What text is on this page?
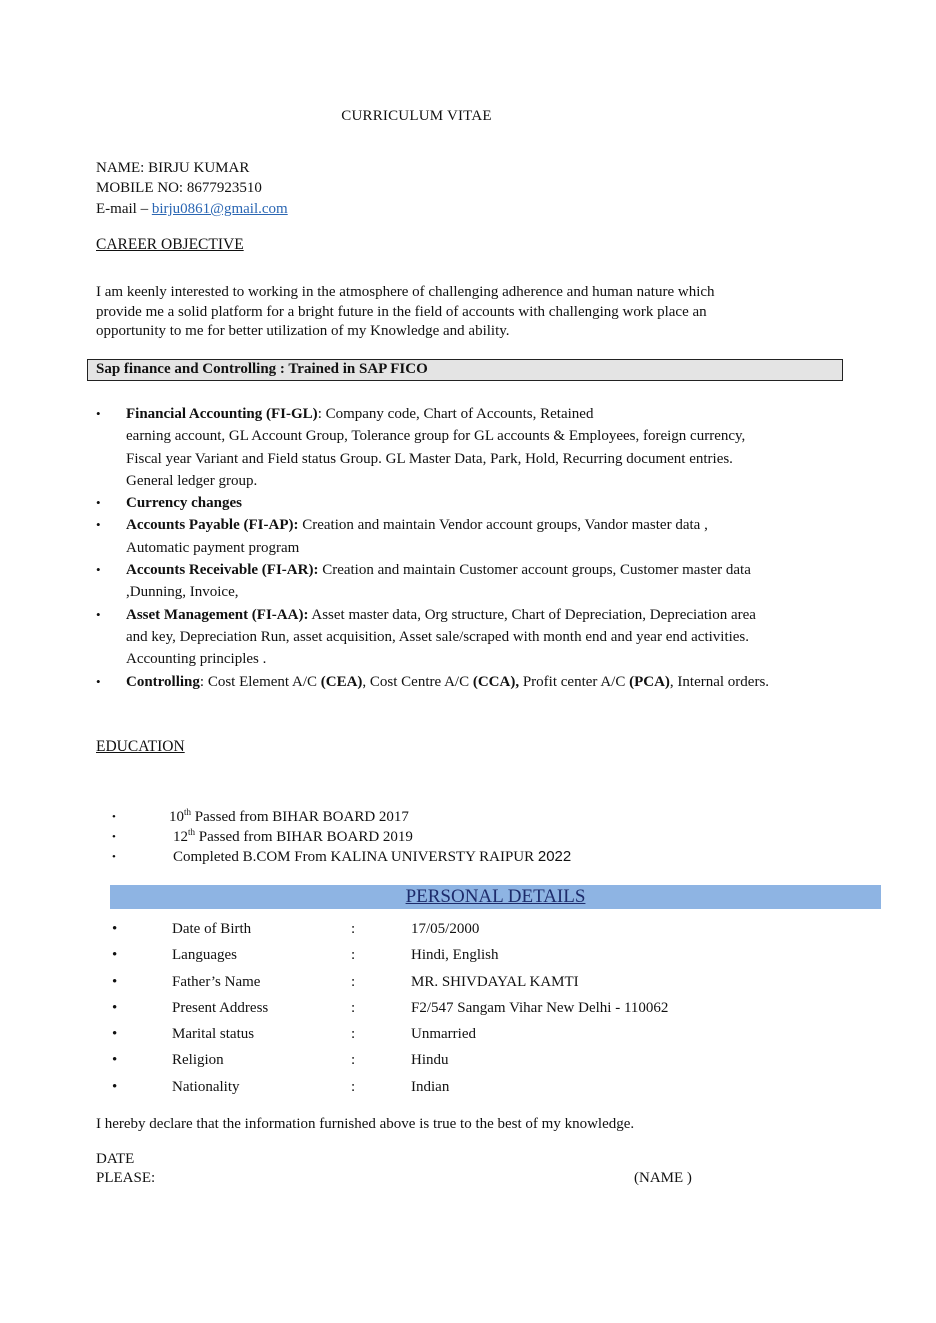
CURRICULUM VITAE
NAME: BIRJU KUMAR
MOBILE NO: 8677923510
E-mail – birju0861@gmail.com
CAREER OBJECTIVE
I am keenly interested to working in the atmosphere of challenging adherence and human nature which
provide me a solid platform for a bright future in the field of accounts with challenging work place an
opportunity to me for better utilization of my Knowledge and ability.
Sap finance and Controlling : Trained in SAP FICO
• Financial Accounting (FI-GL): Company code, Chart of Accounts, Retained
earning account, GL Account Group, Tolerance group for GL accounts & Employees, foreign currency,
Fiscal year Variant and Field status Group. GL Master Data, Park, Hold, Recurring document entries.
General ledger group.
• Currency changes
• Accounts Payable (FI-AP): Creation and maintain Vendor account groups, Vandor master data ,
Automatic payment program
• Accounts Receivable (FI-AR): Creation and maintain Customer account groups, Customer master data
,Dunning, Invoice,
• Asset Management (FI-AA): Asset master data, Org structure, Chart of Depreciation, Depreciation area
and key, Depreciation Run, asset acquisition, Asset sale/scraped with month end and year end activities.
Accounting principles .
• Controlling: Cost Element A/C (CEA), Cost Centre A/C (CCA), Profit center A/C (PCA), Internal orders.
EDUCATION
•	10th Passed from BIHAR BOARD 2017
•	12th Passed from BIHAR BOARD 2019
•	Completed B.COM From KALINA UNIVERSTY RAIPUR 2022
PERSONAL DETAILS
•	Date of Birth	:	17/05/2000
•	Languages	:	Hindi, English
•	Father’s Name	:	MR. SHIVDAYAL KAMTI
•	Present Address	:	F2/547 Sangam Vihar New Delhi - 110062
•	Marital status	:	Unmarried
•	Religion	:	Hindu
•	Nationality	:	Indian
I hereby declare that the information furnished above is true to the best of my knowledge.
DATE
PLEASE:	(NAME )
